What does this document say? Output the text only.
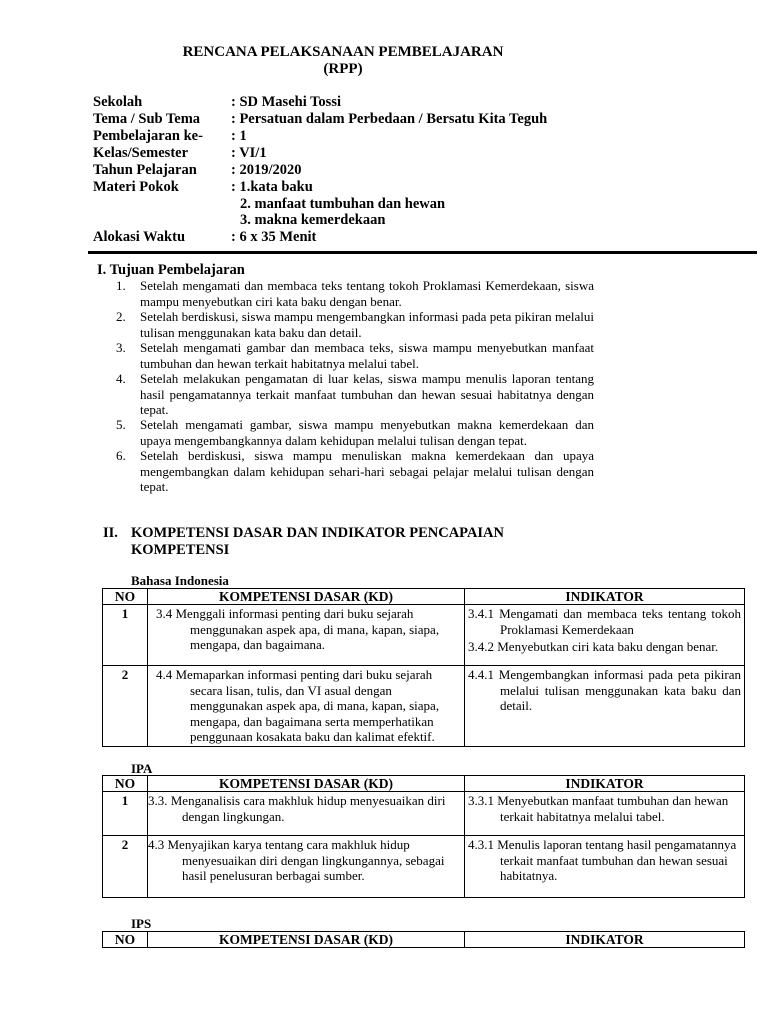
RENCANA PELAKSANAAN PEMBELAJARAN
(RPP)
Sekolah	: SD Masehi Tossi
Tema / Sub Tema : Persatuan dalam Perbedaan / Bersatu Kita Teguh
Pembelajaran ke- : 1
Kelas/Semester	: VI/1
Tahun Pelajaran : 2019/2020
Materi Pokok	: 1.kata baku
2. manfaat tumbuhan dan hewan
3. makna kemerdekaan
Alokasi Waktu	: 6 x 35 Menit
I. Tujuan Pembelajaran
1. Setelah mengamati dan membaca teks tentang tokoh Proklamasi Kemerdekaan, siswa mampu menyebutkan ciri kata baku dengan benar.
2. Setelah berdiskusi, siswa mampu mengembangkan informasi pada peta pikiran melalui tulisan menggunakan kata baku dan detail.
3. Setelah mengamati gambar dan membaca teks, siswa mampu menyebutkan manfaat tumbuhan dan hewan terkait habitatnya melalui tabel.
4. Setelah melakukan pengamatan di luar kelas, siswa mampu menulis laporan tentang hasil pengamatannya terkait manfaat tumbuhan dan hewan sesuai habitatnya dengan tepat.
5. Setelah mengamati gambar, siswa mampu menyebutkan makna kemerdekaan dan upaya mengembangkannya dalam kehidupan melalui tulisan dengan tepat.
6. Setelah berdiskusi, siswa mampu menuliskan makna kemerdekaan dan upaya mengembangkan dalam kehidupan sehari-hari sebagai pelajar melalui tulisan dengan tepat.
II. KOMPETENSI DASAR DAN INDIKATOR PENCAPAIAN
KOMPETENSI
Bahasa Indonesia
NO	KOMPETENSI DASAR (KD)	INDIKATOR
1	3.4 Menggali informasi penting dari buku sejarah menggunakan aspek apa, di mana, kapan, siapa, mengapa, dan bagaimana.	3.4.1 Mengamati dan membaca teks tentang tokoh Proklamasi Kemerdekaan
3.4.2 Menyebutkan ciri kata baku dengan benar.

2	4.4 Memaparkan informasi penting dari buku sejarah secara lisan, tulis, dan VI asual dengan menggunakan aspek apa, di mana, kapan, siapa, mengapa, dan bagaimana serta memperhatikan penggunaan kosakata baku dan kalimat efektif.	4.4.1 Mengembangkan informasi pada peta pikiran melalui tulisan menggunakan kata baku dan detail.
IPA
NO	KOMPETENSI DASAR (KD)	INDIKATOR
1	3.3. Menganalisis cara makhluk hidup menyesuaikan diri dengan lingkungan.	3.3.1 Menyebutkan manfaat tumbuhan dan hewan terkait habitatnya melalui tabel.

2	4.3 Menyajikan karya tentang cara makhluk hidup menyesuaikan diri dengan lingkungannya, sebagai hasil penelusuran berbagai sumber.	4.3.1 Menulis laporan tentang hasil pengamatannya terkait manfaat tumbuhan dan hewan sesuai habitatnya.
IPS
NO	KOMPETENSI DASAR (KD)	INDIKATOR
